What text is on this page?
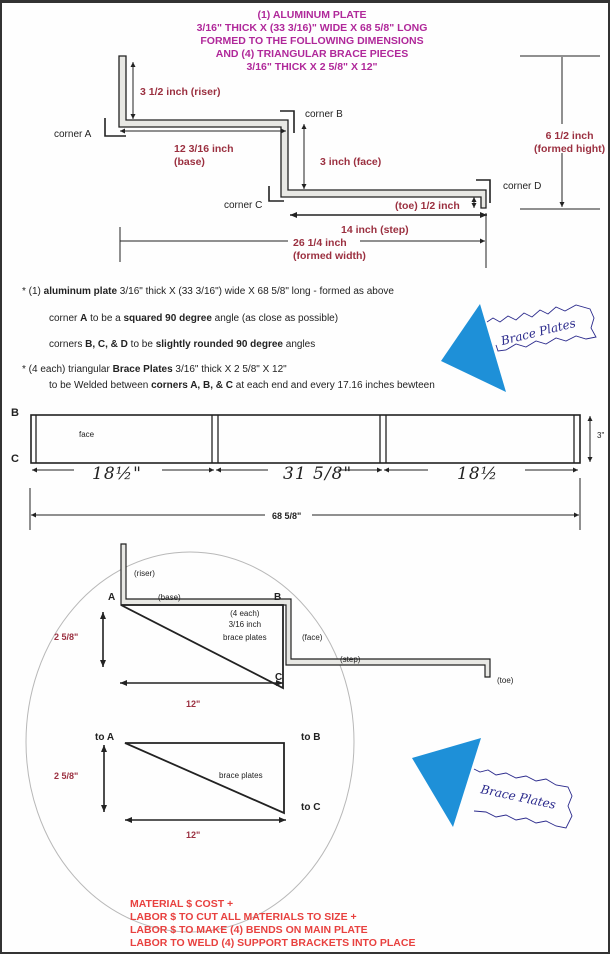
(1) ALUMINUM PLATE
3/16" THICK X (33 3/16)" WIDE X 68 5/8" LONG
FORMED TO THE FOLLOWING DIMENSIONS
AND (4) TRIANGULAR BRACE PIECES
3/16" THICK X 2 5/8" X 12"
3 1/2 inch (riser)
corner A
corner B
12 3/16 inch
(base)	3 inch (face)
6 1/2 inch
(formed hight)
corner D
corner C	(toe) 1/2 inch
14 inch (step)
26 1/4 inch
(formed width)
* (1) aluminum plate 3/16" thick X (33 3/16") wide X 68 5/8" long - formed as above
corner A to be a squared 90 degree angle (as close as possible)
corners B, C, & D to be slightly rounded 90 degree angles
* (4 each) triangular Brace Plates 3/16" thick X 2 5/8" X 12"
to be Welded between corners A, B, & C at each end and every 17.16 inches bewteen
Brace Plates
Brace Plates
B
C
face	3"
18½"	31 5/8"	18½
68 5/8"
(riser)
A	(base)	B
(4 each)
3/16 inch
brace plates	(face)
(step)
(toe)
C
2 5/8"
12"
to A	to B
brace plates
to C
2 5/8"
12"
MATERIAL $ COST +
LABOR $ TO CUT ALL MATERIALS TO SIZE +
LABOR $ TO MAKE (4) BENDS ON MAIN PLATE
LABOR TO WELD (4) SUPPORT BRACKETS INTO PLACE
